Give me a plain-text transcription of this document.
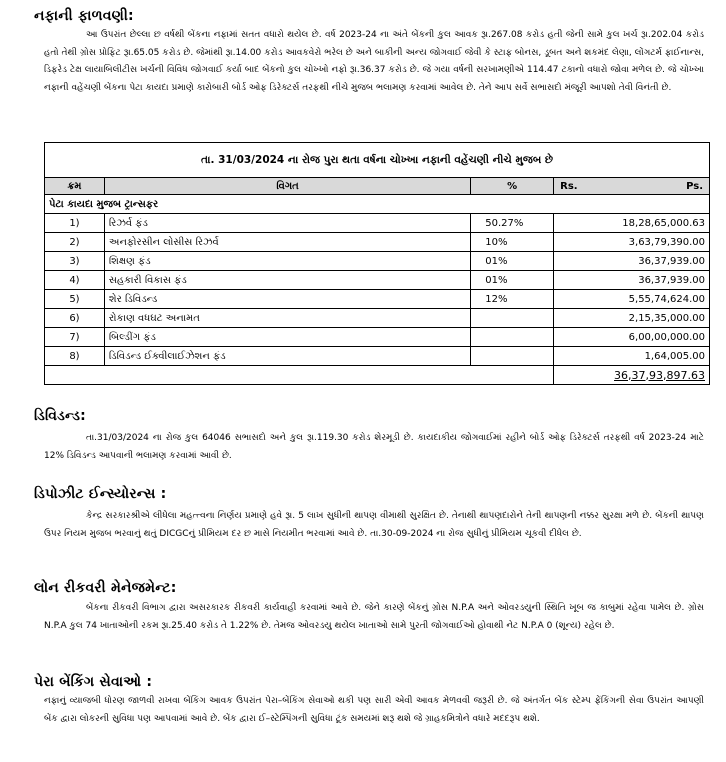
નફાની ફાળવણી:

આ ઉપરાંત છેલ્લા છ વર્ષથી બેંકના નફામાં સતત વધારો થયેલ છે. વર્ષ 2023-24 ના અંતે બેંકની કુલ આવક રૂા.267.08 કરોડ હતી જેની સામે કુલ ખર્ચ રૂા.202.04 કરોડ હતો તેથી ગ્રોસ પ્રોફિટ રૂા.65.05 કરોડ છે. જેમાંથી રૂા.14.00 કરોડ આવકવેરો ભરેલ છે અને બાકીની અન્ય જોગવાઈ જેવી કે સ્ટાફ બોનસ, ડૂબત અને શકમંદ લેણા, લોંગટર્મ ફાઈનાન્સ, ડિફરેડ ટેક્ષ લાયાબિલીટીસ ખર્ચની વિવિધ જોગવાઈ કર્યા બાદ બેંકનો કુલ ચોખ્ખો નફો રૂા.36.37 કરોડ છે. જે ગયા વર્ષની સરખામણીએ 114.47 ટકાનો વધારો જોવા મળેલ છે. જે ચોખ્ખા નફાની વહેંચણી બેંકના પેટા કાયદા પ્રમાણે કારોબારી બોર્ડ ઓફ ડિરેક્ટર્સ તરફથી નીચે મુજબ ભલામણ કરવામાં આવેલ છે. તેને આપ સર્વે સભાસદો મંજૂરી આપશો તેવી વિનંતી છે.

તા. 31/03/2024 ના રોજ પુરા થતા વર્ષના ચોખ્ખા નફાની વહેંચણી નીચે મુજબ છે			
ક્રમ	વિગત	%	Rs. Ps.

પેટા કાયદા મુજબ ટ્રાન્સફર			
1)	રિઝર્વ ફંડ	50.27%	18,28,65,000.63
2)	અનફોરસીન લોસીસ રિઝર્વ	10%	3,63,79,390.00
3)	શિક્ષણ ફંડ	01%	36,37,939.00
4)	સહકારી વિકાસ ફંડ	01%	36,37,939.00
5)	શેર ડિવિડન્ડ	12%	5,55,74,624.00
6)	રોકાણ વધઘટ અનામત		2,15,35,000.00
7)	બિલ્ડીંગ ફંડ		6,00,00,000.00
8)	ડિવિડન્ડ ઈક્વીલાઈઝેશન ફંડ		1,64,005.00
			36,37,93,897.63
ડિવિડન્ડ:

તા.31/03/2024 ના રોજ કુલ 64046 સભાસદો અને કુલ રૂા.119.30 કરોડ શેરમૂડી છે. કાયદાકીય જોગવાઈમાં રહીને બોર્ડ ઓફ ડિરેક્ટર્સ તરફથી વર્ષ 2023-24 માટે 12% ડિવિડન્ડ આપવાની ભલામણ કરવામાં આવી છે.

ડિપોઝીટ ઈન્સ્યોરન્સ :

કેન્દ્ર સરકારશ્રીએ લીધેલા મહત્ત્વના નિર્ણય પ્રમાણે હવે રૂા. 5 લાખ સુધીની થાપણ વીમાથી સુરક્ષિત છે. તેનાથી થાપણદારોને તેની થાપણની નક્કર સુરક્ષા મળે છે. બેંકની થાપણ ઉપર નિયમ મુજબ ભરવાનું થતું DICGCનું પ્રીમિયમ દર છ માસે નિયમીત ભરવામાં આવે છે. તા.30-09-2024 ના રોજ સુધીનું પ્રીમિયમ ચૂકવી દીધેલ છે.

લોન રીકવરી મેનેજમેન્ટ:

બેંકના રીકવરી વિભાગ દ્વારા અસરકારક રીકવરી કાર્યવાહી કરવામાં આવે છે. જેને કારણે બેંકનું ગ્રોસ N.P.A અને ઓવરડયુની સ્થિતિ ખૂબ જ કાબુમાં રહેવા પામેલ છે. ગ્રોસ N.P.A કુલ 74 ખાતાઓની રકમ રૂા.25.40 કરોડ તે 1.22% છે. તેમજ ઓવરડયુ થયેલ ખાતાઓ સામે પુરતી જોગવાઈઓ હોવાથી નેટ N.P.A 0 (શૂન્ય) રહેલ છે.

પેરા બેંકિંગ સેવાઓ :

નફાનું વ્યાજબી ધોરણ જાળવી રાખવા બેંકિંગ આવક ઉપરાંત પેરા–બેંકિંગ સેવાઓ થકી પણ સારી એવી આવક મેળવવી જરૂરી છે. જે અંતર્ગત બેંક સ્ટેમ્પ ફેંકિંગની સેવા ઉપરાંત આપણી બેંક દ્વારા લોકરની સુવિધા પણ આપવામાં આવે છે. બેંક દ્વારા ઈ–સ્ટેમ્પિંગની સુવિધા ટૂંક સમયમાં શરૂ થશે જે ગ્રાહકમિત્રોને વધારે મદદરૂપ થશે.
